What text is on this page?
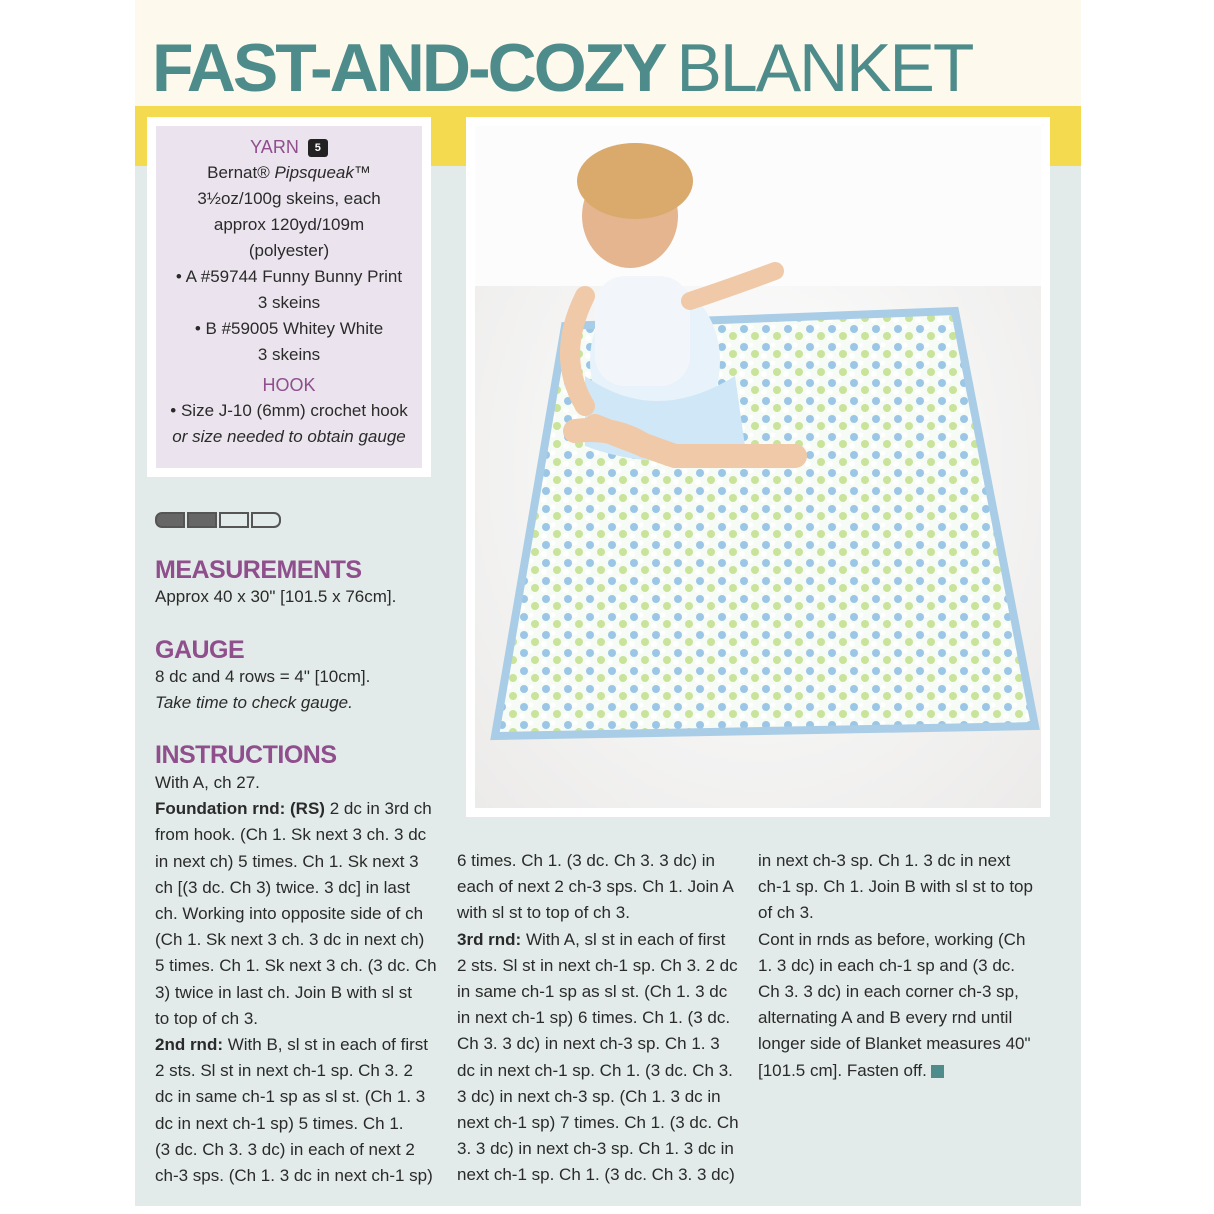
FAST-AND-COZY BLANKET
YARN 5
Bernat® Pipsqueak™
3½oz/100g skeins, each
approx 120yd/109m
(polyester)
• A #59744 Funny Bunny Print
3 skeins
• B #59005 Whitey White
3 skeins
HOOK
• Size J-10 (6mm) crochet hook
or size needed to obtain gauge
MEASUREMENTS

Approx 40 x 30" [101.5 x 76cm].

GAUGE

8 dc and 4 rows = 4" [10cm].

Take time to check gauge.

INSTRUCTIONS

With A, ch 27.

Foundation rnd: (RS) 2 dc in 3rd ch

from hook. (Ch 1. Sk next 3 ch. 3 dc

in next ch) 5 times. Ch 1. Sk next 3

ch [(3 dc. Ch 3) twice. 3 dc] in last

ch. Working into opposite side of ch

(Ch 1. Sk next 3 ch. 3 dc in next ch)

5 times. Ch 1. Sk next 3 ch. (3 dc. Ch

3) twice in last ch. Join B with sl st

to top of ch 3.

2nd rnd: With B, sl st in each of first

2 sts. Sl st in next ch-1 sp. Ch 3. 2

dc in same ch-1 sp as sl st. (Ch 1. 3

dc in next ch-1 sp) 5 times. Ch 1.

(3 dc. Ch 3. 3 dc) in each of next 2

ch-3 sps. (Ch 1. 3 dc in next ch-1 sp)

6 times. Ch 1. (3 dc. Ch 3. 3 dc) in

each of next 2 ch-3 sps. Ch 1. Join A

with sl st to top of ch 3.

3rd rnd: With A, sl st in each of first

2 sts. Sl st in next ch-1 sp. Ch 3. 2 dc

in same ch-1 sp as sl st. (Ch 1. 3 dc

in next ch-1 sp) 6 times. Ch 1. (3 dc.

Ch 3. 3 dc) in next ch-3 sp. Ch 1. 3

dc in next ch-1 sp. Ch 1. (3 dc. Ch 3.

3 dc) in next ch-3 sp. (Ch 1. 3 dc in

next ch-1 sp) 7 times. Ch 1. (3 dc. Ch

3. 3 dc) in next ch-3 sp. Ch 1. 3 dc in

next ch-1 sp. Ch 1. (3 dc. Ch 3. 3 dc)

in next ch-3 sp. Ch 1. 3 dc in next

ch-1 sp. Ch 1. Join B with sl st to top

of ch 3.

Cont in rnds as before, working (Ch

1. 3 dc) in each ch-1 sp and (3 dc.

Ch 3. 3 dc) in each corner ch-3 sp,

alternating A and B every rnd until

longer side of Blanket measures 40"

[101.5 cm]. Fasten off.
